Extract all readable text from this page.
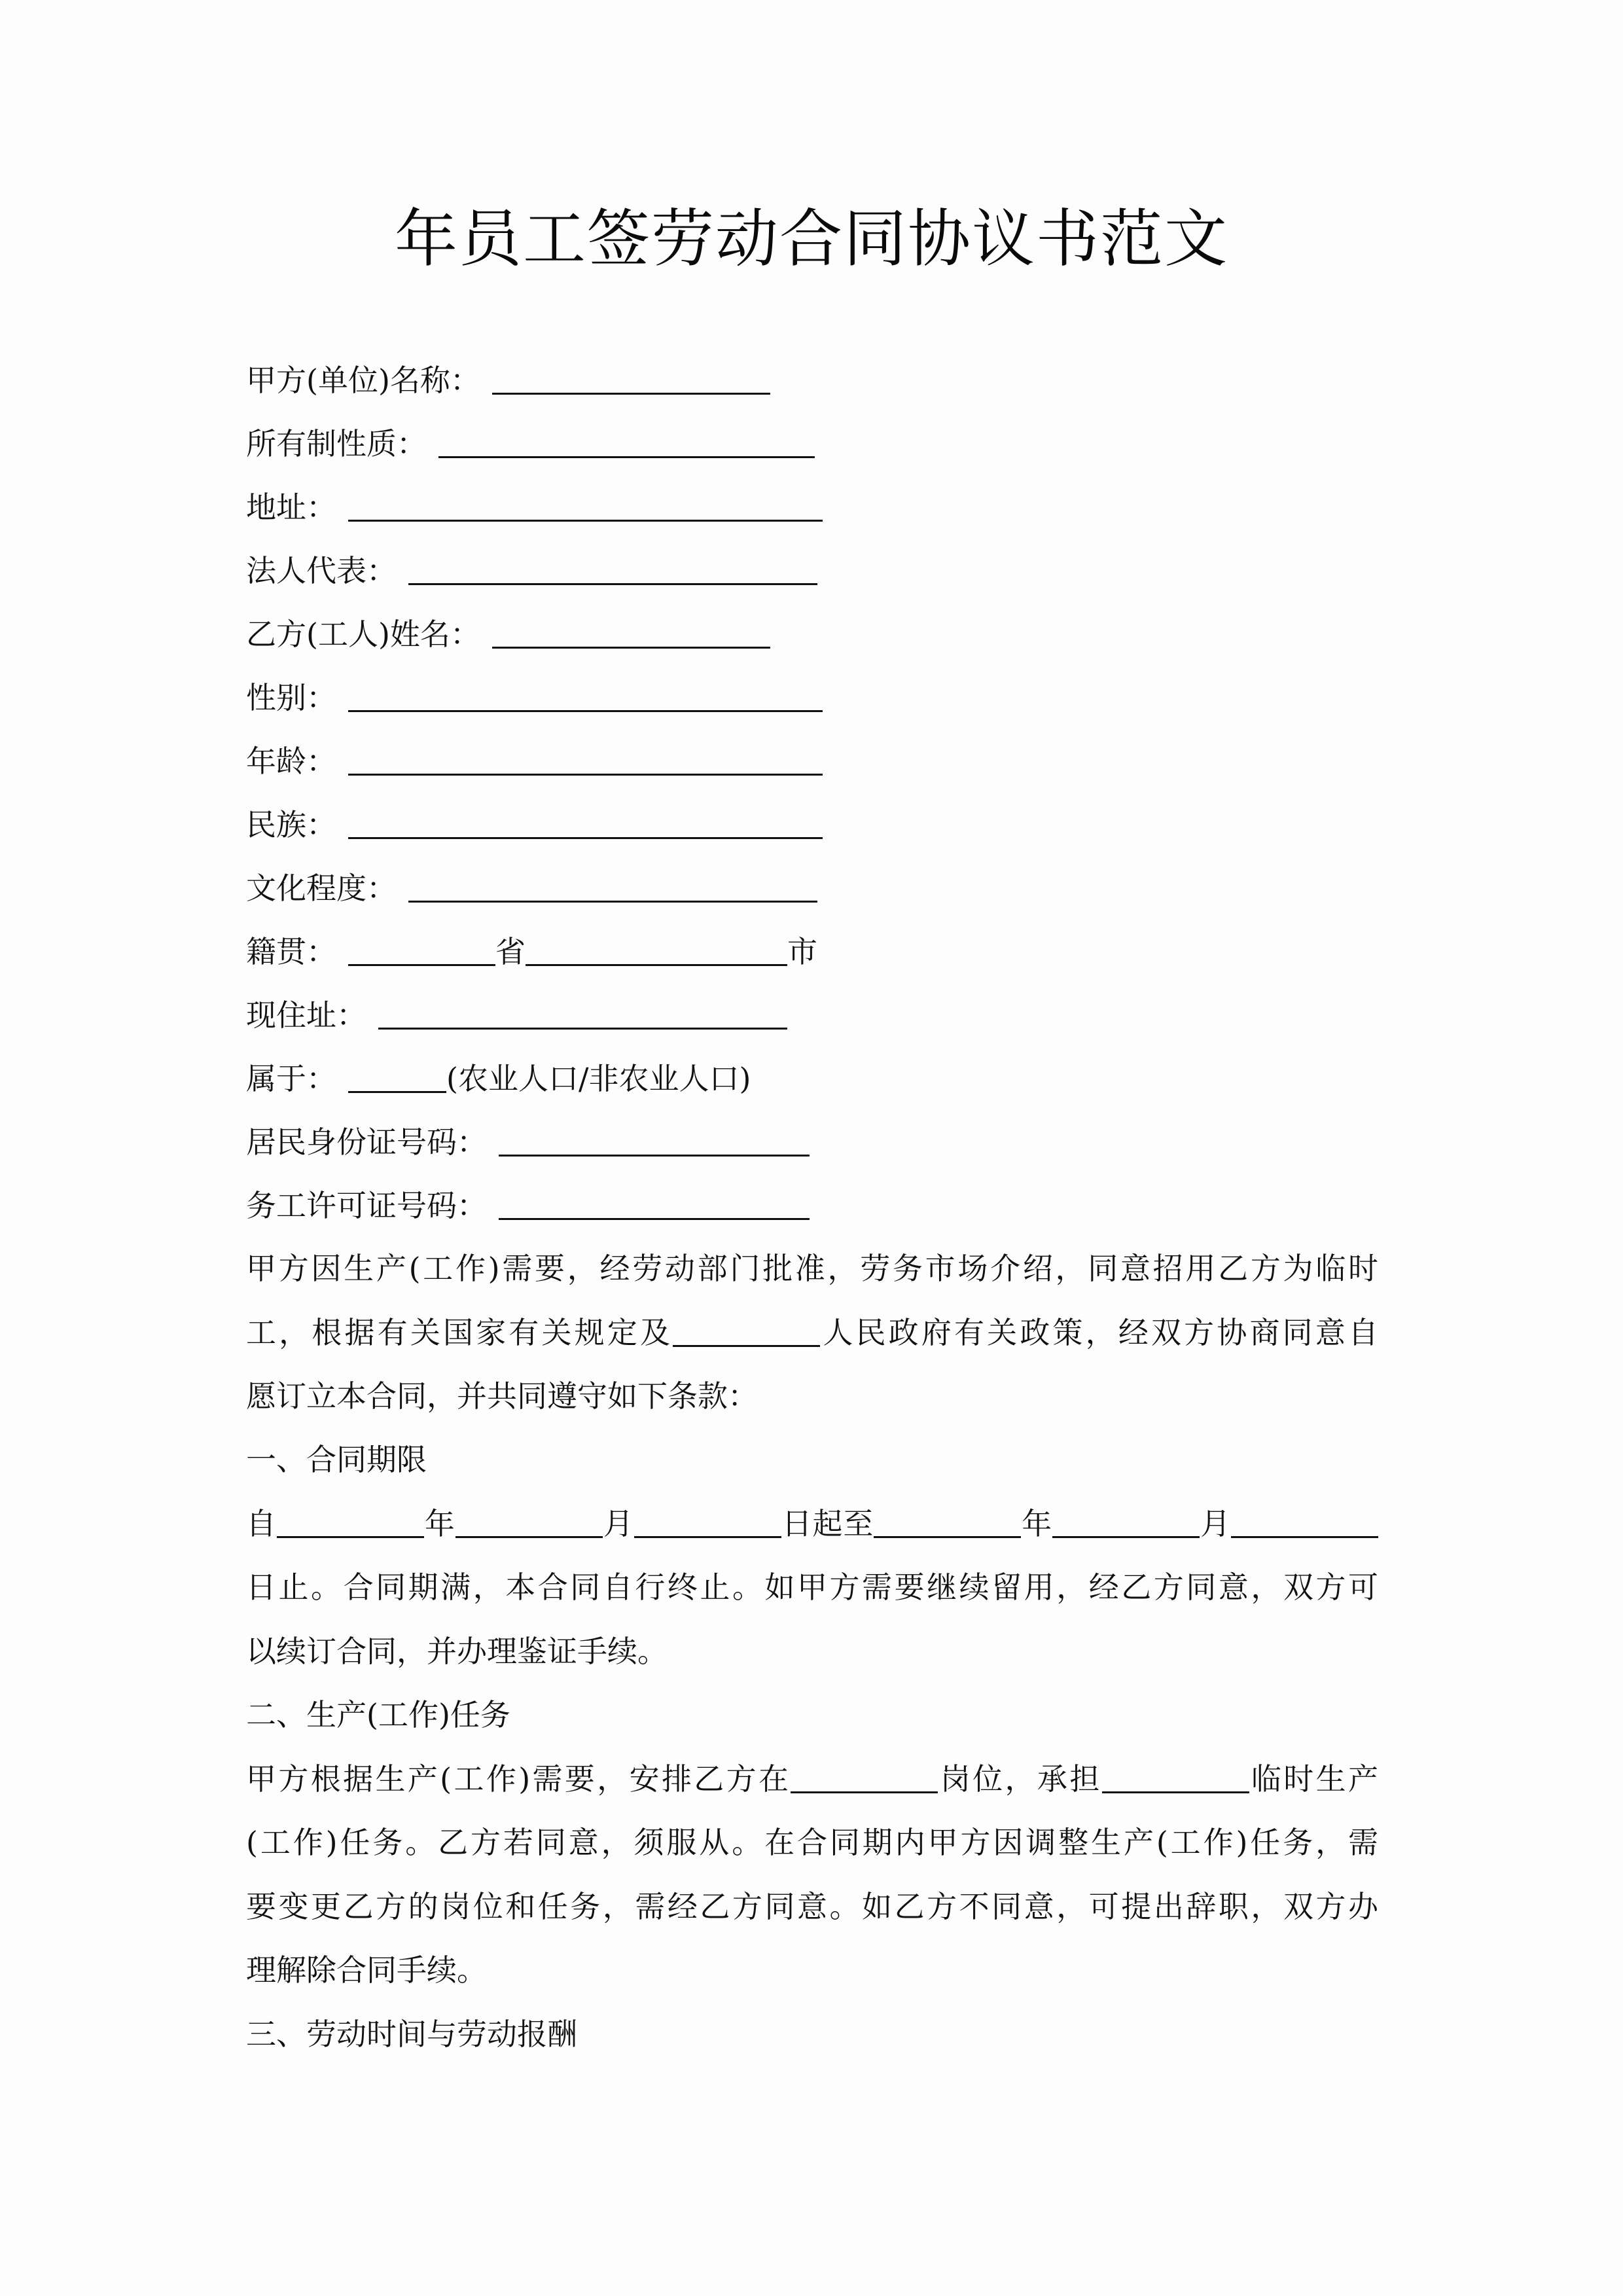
年员工签劳动合同协议书范文
甲方(单位)名称：
所有制性质：
地址：
法人代表：
乙方(工人)姓名：
性别：
年龄：
民族：
文化程度：
籍贯：	省	市
现住址：
属于：	(农业人口/非农业人口)
居民身份证号码：
务工许可证号码：
甲方因生产(工作)需要，经劳动部门批准，劳务市场介绍，同意招用乙方为临时
工，根据有关国家有关规定及	人民政府有关政策，经双方协商同意自
愿订立本合同，并共同遵守如下条款：
一、合同期限
自	年	月	日起至	年	月
日止。合同期满，本合同自行终止。如甲方需要继续留用，经乙方同意，双方可
以续订合同，并办理鉴证手续。
二、生产(工作)任务
甲方根据生产(工作)需要，安排乙方在	岗位，承担	临时生产
(工作)任务。乙方若同意，须服从。在合同期内甲方因调整生产(工作)任务，需
要变更乙方的岗位和任务，需经乙方同意。如乙方不同意，可提出辞职，双方办
理解除合同手续。
三、劳动时间与劳动报酬
